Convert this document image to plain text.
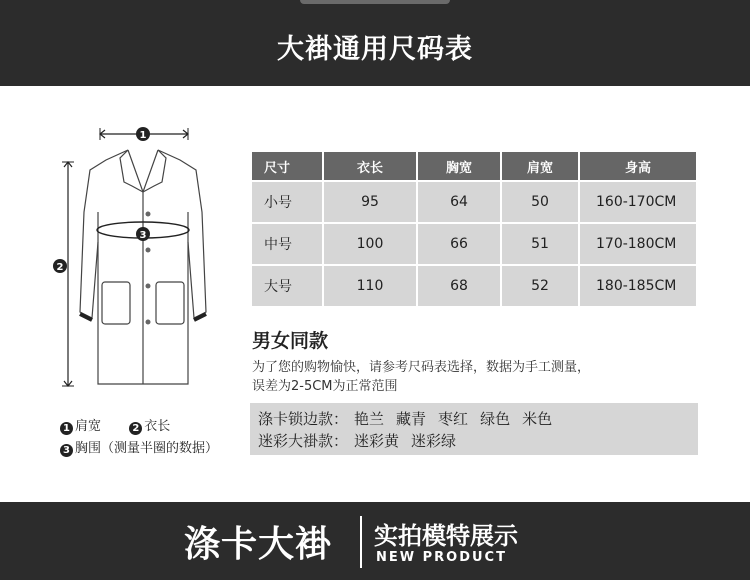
大褂通用尺码表
1
2
3
1 肩宽	2 衣长
3 胸围（测量半圈的数据）
尺寸	衣长	胸宽	肩宽	身高
小号	95	64	50	160-170CM
中号	100	66	51	170-180CM
大号	110	68	52	180-185CM
男女同款
为了您的购物愉快，请参考尺码表选择，数据为手工测量，
误差为2-5CM为正常范围
涤卡锁边款： 艳兰 藏青 枣红 绿色 米色
迷彩大褂款： 迷彩黄 迷彩绿
涤卡大褂 实拍模特展示
NEW PRODUCT
